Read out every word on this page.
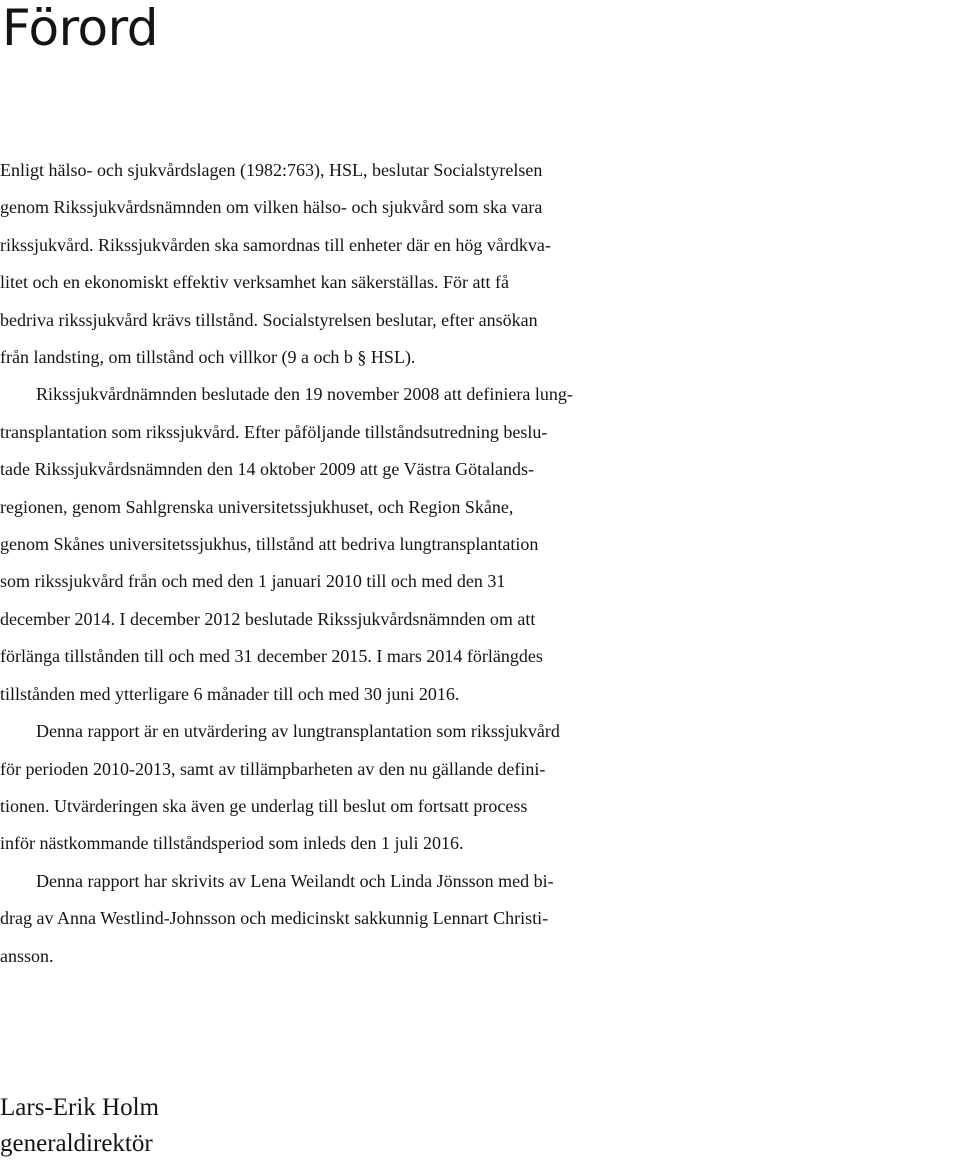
Förord
Enligt hälso- och sjukvårdslagen (1982:763), HSL, beslutar Socialstyrelsen
genom Rikssjukvårdsnämnden om vilken hälso- och sjukvård som ska vara
rikssjukvård. Rikssjukvården ska samordnas till enheter där en hög vårdkva-
litet och en ekonomiskt effektiv verksamhet kan säkerställas. För att få
bedriva rikssjukvård krävs tillstånd. Socialstyrelsen beslutar, efter ansökan
från landsting, om tillstånd och villkor (9 a och b § HSL).
Rikssjukvårdnämnden beslutade den 19 november 2008 att definiera lung-
transplantation som rikssjukvård. Efter påföljande tillståndsutredning beslu-
tade Rikssjukvårdsnämnden den 14 oktober 2009 att ge Västra Götalands-
regionen, genom Sahlgrenska universitetssjukhuset, och Region Skåne,
genom Skånes universitetssjukhus, tillstånd att bedriva lungtransplantation
som rikssjukvård från och med den 1 januari 2010 till och med den 31
december 2014. I december 2012 beslutade Rikssjukvårdsnämnden om att
förlänga tillstånden till och med 31 december 2015. I mars 2014 förlängdes
tillstånden med ytterligare 6 månader till och med 30 juni 2016.
Denna rapport är en utvärdering av lungtransplantation som rikssjukvård
för perioden 2010-2013, samt av tillämpbarheten av den nu gällande defini-
tionen. Utvärderingen ska även ge underlag till beslut om fortsatt process
inför nästkommande tillståndsperiod som inleds den 1 juli 2016.
Denna rapport har skrivits av Lena Weilandt och Linda Jönsson med bi-
drag av Anna Westlind-Johnsson och medicinskt sakkunnig Lennart Christi-
ansson.
Lars-Erik Holm
generaldirektör
